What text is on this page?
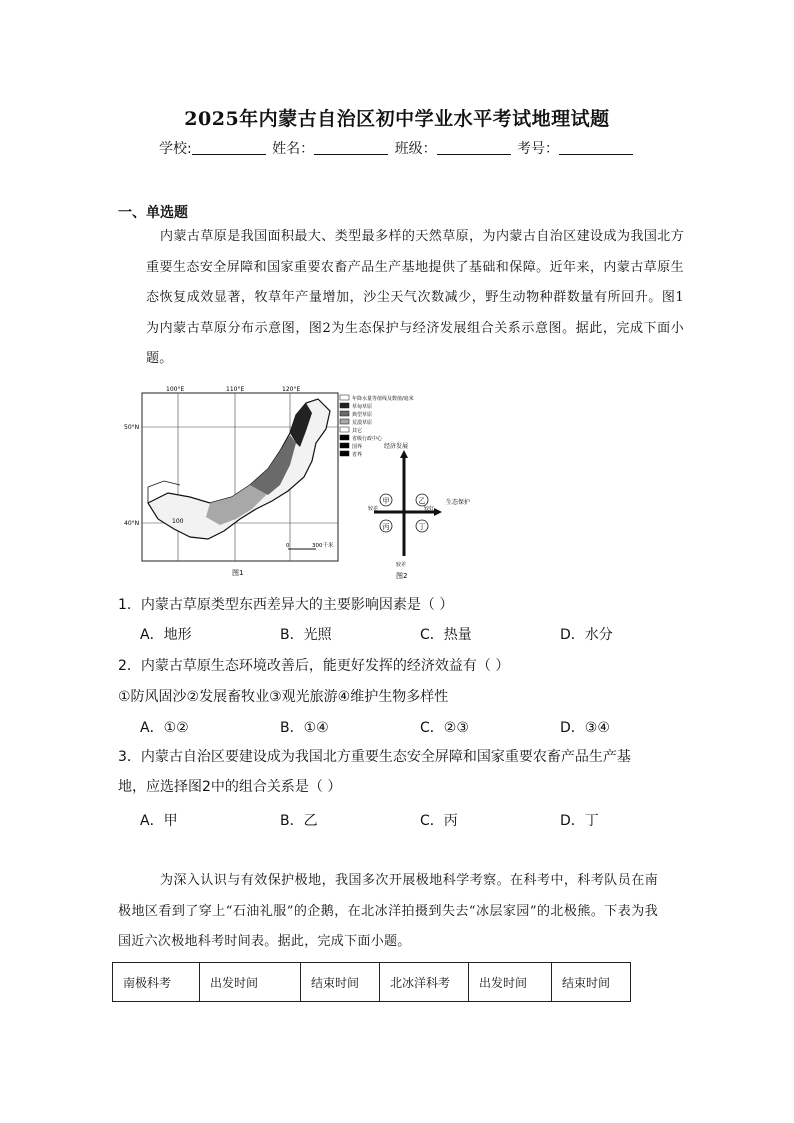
2025年内蒙古自治区初中学业水平考试地理试题
学校:	姓名：	班级：	考号：
一、单选题
内蒙古草原是我国面积最大、类型最多样的天然草原，为内蒙古自治区建设成为我国北方重要生态安全屏障和国家重要农畜产品生产基地提供了基础和保障。近年来，内蒙古草原生态恢复成效显著，牧草年产量增加，沙尘天气次数减少，野生动物种群数量有所回升。图1为内蒙古草原分布示意图，图2为生态保护与经济发展组合关系示意图。据此，完成下面小题。
100°E	110°E	120°E
50°N
40°N	100
0	300千米
图1
年降水量等值线及数值/毫米
草甸草原
典型草原
荒漠草原
其它
省级行政中心
国界
省界
经济发展
生态保护
较差	较好
较差
甲	乙
丙	丁
图2
1．内蒙古草原类型东西差异大的主要影响因素是（ ）
A．地形	B．光照	C．热量	D．水分
2．内蒙古草原生态环境改善后，能更好发挥的经济效益有（ ）
①防风固沙②发展畜牧业③观光旅游④维护生物多样性
A．①②	B．①④	C．②③	D．③④
3．内蒙古自治区要建设成为我国北方重要生态安全屏障和国家重要农畜产品生产基地，应选择图2中的组合关系是（ ）
A．甲	B．乙	C．丙	D．丁
为深入认识与有效保护极地，我国多次开展极地科学考察。在科考中，科考队员在南极地区看到了穿上“石油礼服”的企鹅，在北冰洋拍摄到失去“冰层家园”的北极熊。下表为我国近六次极地科考时间表。据此，完成下面小题。
南极科考	出发时间	结束时间	北冰洋科考	出发时间	结束时间
